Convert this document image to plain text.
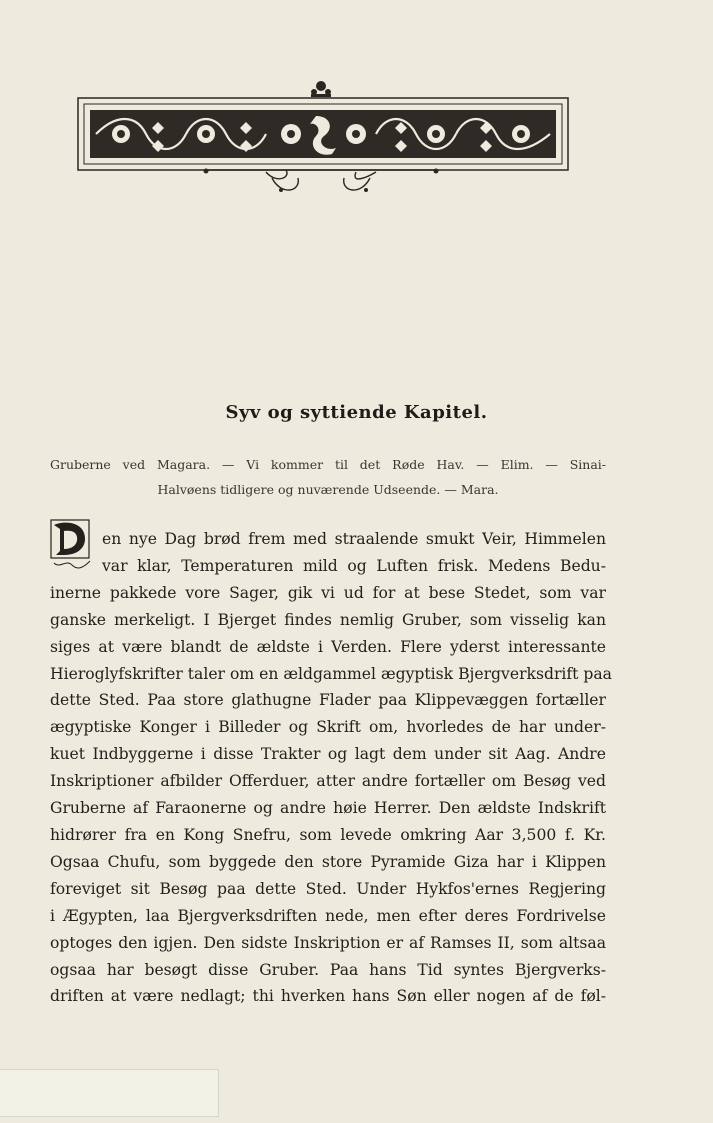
Syv og syttiende Kapitel.
Gruberne ved Magara. — Vi kommer til det Røde Hav. — Elim. — Sinai-
Halvøens tidligere og nuværende Udseende. — Mara.
D
en nye Dag brød frem med straalende smukt Veir, Himmelen
var klar, Temperaturen mild og Luften frisk. Medens Bedu-
inerne pakkede vore Sager, gik vi ud for at bese Stedet, som var
ganske merkeligt. I Bjerget findes nemlig Gruber, som visselig kan
siges at være blandt de ældste i Verden. Flere yderst interessante
Hieroglyfskrifter taler om en ældgammel ægyptisk Bjergverksdrift paa
dette Sted. Paa store glathugne Flader paa Klippevæggen fortæller
ægyptiske Konger i Billeder og Skrift om, hvorledes de har under-
kuet Indbyggerne i disse Trakter og lagt dem under sit Aag. Andre
Inskriptioner afbilder Offerduer, atter andre fortæller om Besøg ved
Gruberne af Faraonerne og andre høie Herrer. Den ældste Indskrift
hidrører fra en Kong Snefru, som levede omkring Aar 3,500 f. Kr.
Ogsaa Chufu, som byggede den store Pyramide Giza har i Klippen
foreviget sit Besøg paa dette Sted. Under Hykfos'ernes Regjering
i Ægypten, laa Bjergverksdriften nede, men efter deres Fordrivelse
optoges den igjen. Den sidste Inskription er af Ramses II, som altsaa
ogsaa har besøgt disse Gruber. Paa hans Tid syntes Bjergverks-
driften at være nedlagt; thi hverken hans Søn eller nogen af de føl-
